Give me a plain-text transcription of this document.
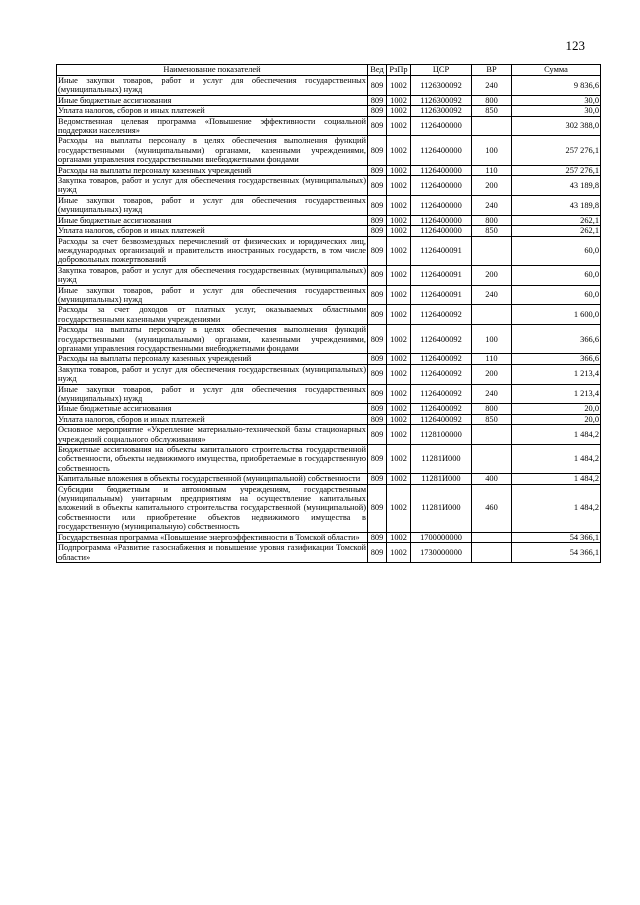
123
Наименование показателей	Вед	РзПр	ЦСР	ВР	Сумма
Иные закупки товаров, работ и услуг для обеспечения государственных (муниципальных) нужд	809	1002	1126300092	240	9 836,6
Иные бюджетные ассигнования	809	1002	1126300092	800	30,0
Уплата налогов, сборов и иных платежей	809	1002	1126300092	850	30,0
Ведомственная целевая программа «Повышение эффективности социальной поддержки населения»	809	1002	1126400000		302 388,0
Расходы на выплаты персоналу в целях обеспечения выполнения функций государственными (муниципальными) органами, казенными учреждениями, органами управления государственными внебюджетными фондами	809	1002	1126400000	100	257 276,1
Расходы на выплаты персоналу казенных учреждений	809	1002	1126400000	110	257 276,1
Закупка товаров, работ и услуг для обеспечения государственных (муниципальных) нужд	809	1002	1126400000	200	43 189,8
Иные закупки товаров, работ и услуг для обеспечения государственных (муниципальных) нужд	809	1002	1126400000	240	43 189,8
Иные бюджетные ассигнования	809	1002	1126400000	800	262,1
Уплата налогов, сборов и иных платежей	809	1002	1126400000	850	262,1
Расходы за счет безвозмездных перечислений от физических и юридических лиц, международных организаций и правительств иностранных государств, в том числе добровольных пожертвований	809	1002	1126400091		60,0
Закупка товаров, работ и услуг для обеспечения государственных (муниципальных) нужд	809	1002	1126400091	200	60,0
Иные закупки товаров, работ и услуг для обеспечения государственных (муниципальных) нужд	809	1002	1126400091	240	60,0
Расходы за счет доходов от платных услуг, оказываемых областными государственными казенными учреждениями	809	1002	1126400092		1 600,0
Расходы на выплаты персоналу в целях обеспечения выполнения функций государственными (муниципальными) органами, казенными учреждениями, органами управления государственными внебюджетными фондами	809	1002	1126400092	100	366,6
Расходы на выплаты персоналу казенных учреждений	809	1002	1126400092	110	366,6
Закупка товаров, работ и услуг для обеспечения государственных (муниципальных) нужд	809	1002	1126400092	200	1 213,4
Иные закупки товаров, работ и услуг для обеспечения государственных (муниципальных) нужд	809	1002	1126400092	240	1 213,4
Иные бюджетные ассигнования	809	1002	1126400092	800	20,0
Уплата налогов, сборов и иных платежей	809	1002	1126400092	850	20,0
Основное мероприятие «Укрепление материально-технической базы стационарных учреждений социального обслуживания»	809	1002	1128100000		1 484,2
Бюджетные ассигнования на объекты капитального строительства государственной собственности, объекты недвижимого имущества, приобретаемые в государственную собственность	809	1002	11281И000		1 484,2
Капитальные вложения в объекты государственной (муниципальной) собственности	809	1002	11281И000	400	1 484,2
Субсидии бюджетным и автономным учреждениям, государственным (муниципальным) унитарным предприятиям на осуществление капитальных вложений в объекты капитального строительства государственной (муниципальной) собственности или приобретение объектов недвижимого имущества в государственную (муниципальную) собственность	809	1002	11281И000	460	1 484,2
Государственная программа «Повышение энергоэффективности в Томской области»	809	1002	1700000000		54 366,1
Подпрограмма «Развитие газоснабжения и повышение уровня газификации Томской области»	809	1002	1730000000		54 366,1
